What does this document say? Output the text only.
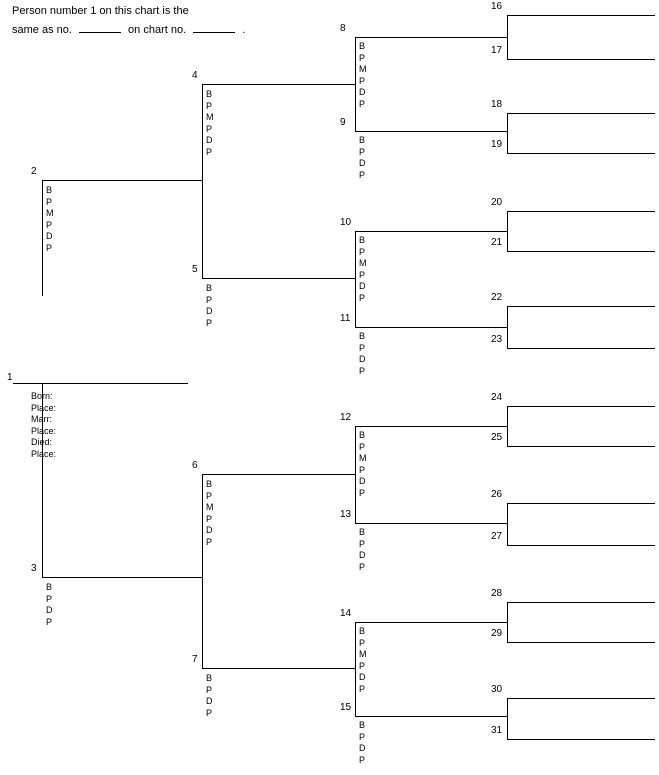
Person number 1 on this chart is the
same as no.	on chart no.	.
1
Born:
Place:
Marr:
Place:
Died:
Place:
2
B
P
M
P
D
P
3
B
P
D
P
4
B
P
M
P
D
P
5
B
P
D
P
6
B
P
M
P
D
P
7
B
P
D
P
8
B
P
M
P
D
P
9
B
P
D
P
10
B
P
M
P
D
P
11
B
P
D
P
12
B
P
M
P
D
P
13
B
P
D
P
14
B
P
M
P
D
P
15
B
P
D
P
16
17
18
19
20
21
22
23
24
25
26
27
28
29
30
31
